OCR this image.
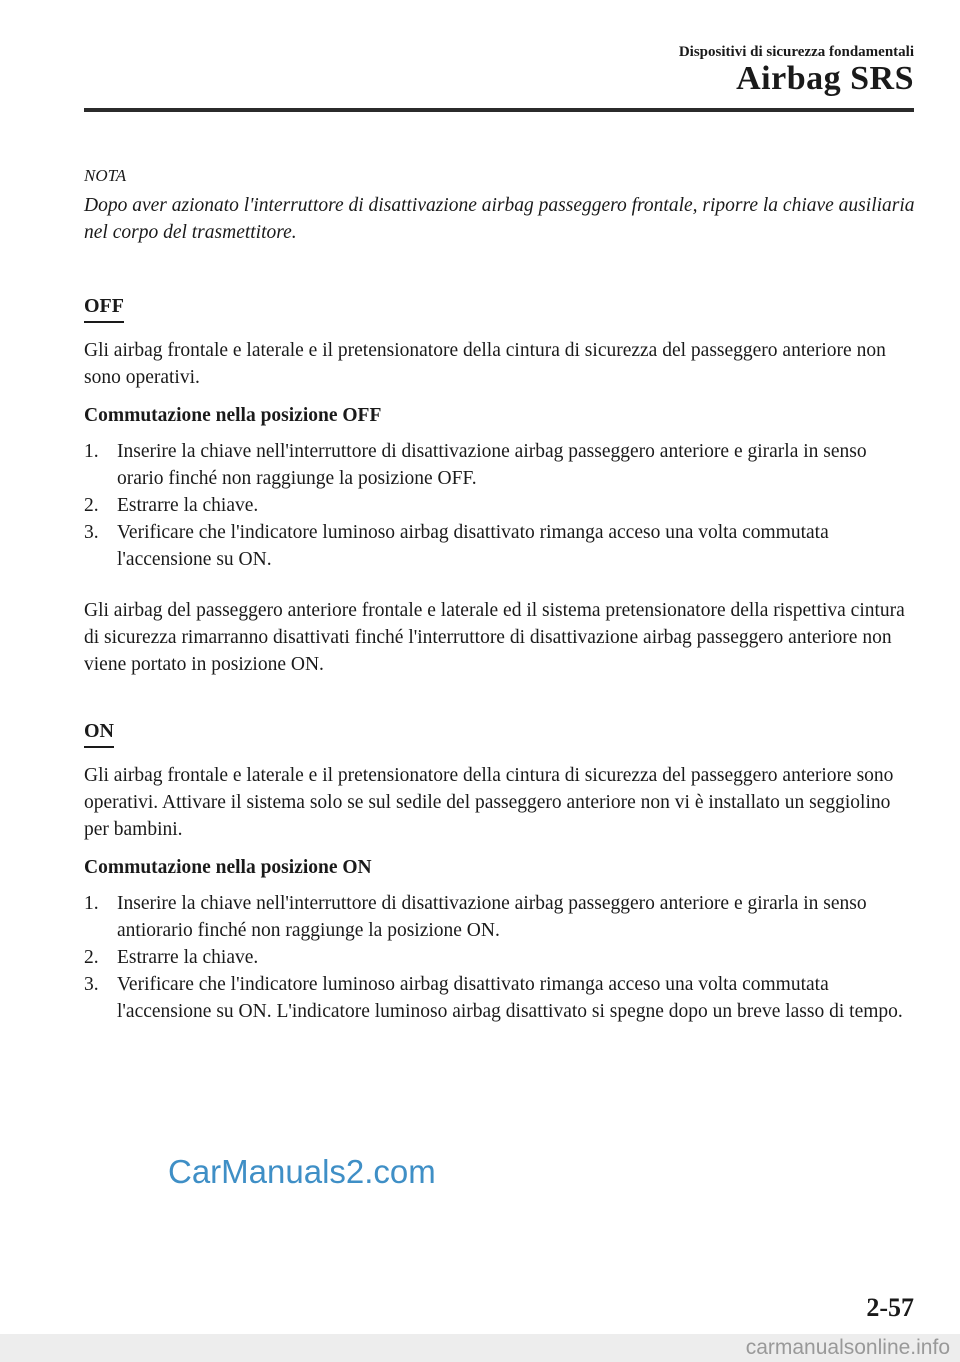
Dispositivi di sicurezza fondamentali
Airbag SRS

NOTA

Dopo aver azionato l'interruttore di disattivazione airbag passeggero frontale, riporre la chiave ausiliaria nel corpo del trasmettitore.

OFF

Gli airbag frontale e laterale e il pretensionatore della cintura di sicurezza del passeggero anteriore non sono operativi.

Commutazione nella posizione OFF

1. Inserire la chiave nell'interruttore di disattivazione airbag passeggero anteriore e girarla in senso orario finché non raggiunge la posizione OFF.
2. Estrarre la chiave.
3. Verificare che l'indicatore luminoso airbag disattivato rimanga acceso una volta commutata l'accensione su ON.

Gli airbag del passeggero anteriore frontale e laterale ed il sistema pretensionatore della rispettiva cintura di sicurezza rimarranno disattivati finché l'interruttore di disattivazione airbag passeggero anteriore non viene portato in posizione ON.

ON

Gli airbag frontale e laterale e il pretensionatore della cintura di sicurezza del passeggero anteriore sono operativi. Attivare il sistema solo se sul sedile del passeggero anteriore non vi è installato un seggiolino per bambini.

Commutazione nella posizione ON

1. Inserire la chiave nell'interruttore di disattivazione airbag passeggero anteriore e girarla in senso antiorario finché non raggiunge la posizione ON.
2. Estrarre la chiave.
3. Verificare che l'indicatore luminoso airbag disattivato rimanga acceso una volta commutata l'accensione su ON. L'indicatore luminoso airbag disattivato si spegne dopo un breve lasso di tempo.
CarManuals2.com
2-57
carmanualsonline.info
